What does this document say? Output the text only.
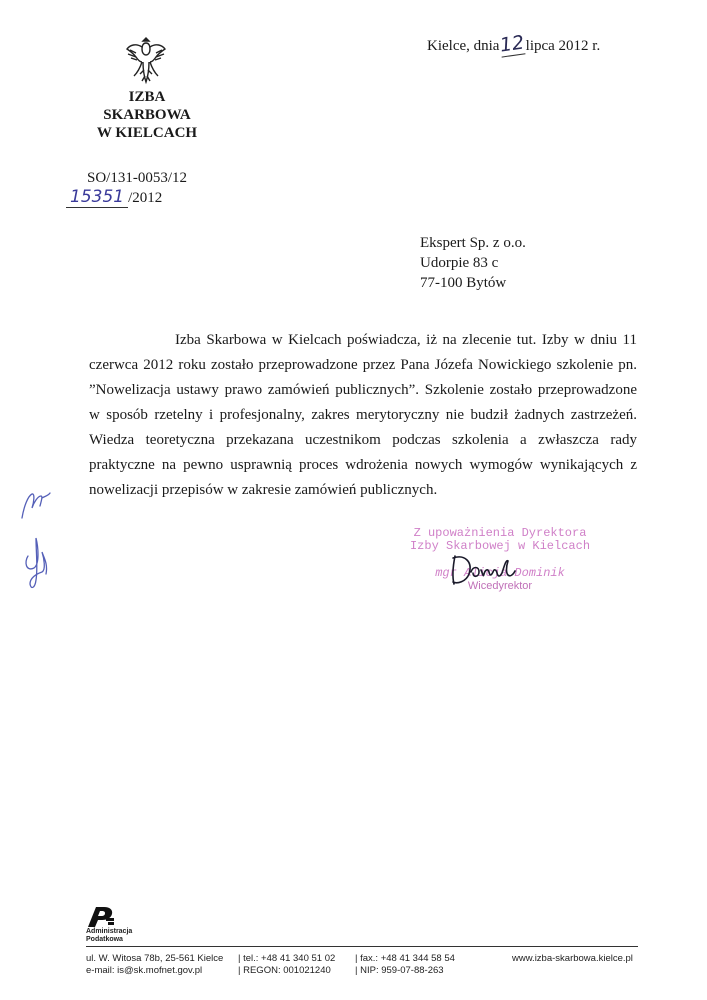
IZBA SKARBOWA
W KIELCACH
Kielce, dnia12lipca 2012 r.
SO/131-0053/12
15351 /2012
Ekspert Sp. z o.o.
Udorpie 83 c
77-100 Bytów

Izba Skarbowa w Kielcach poświadcza, iż na zlecenie tut. Izby w dniu 11 czerwca 2012 roku zostało przeprowadzone przez Pana Józefa Nowickiego szkolenie pn. ”Nowelizacja ustawy prawo zamówień publicznych”. Szkolenie zostało przeprowadzone w sposób rzetelny i profesjonalny, zakres merytoryczny nie budził żadnych zastrzeżeń. Wiedza teoretyczna przekazana uczestnikom podczas szkolenia a zwłaszcza rady praktyczne na pewno usprawnią proces wdrożenia nowych wymogów wynikających z nowelizacji przepisów w zakresie zamówień publicznych.

Z upoważnienia Dyrektora
Izby Skarbowej w Kielcach
mgr Alicja Dominik
Wicedyrektor
Administracja
Podatkowa
ul. W. Witosa 78b, 25-561 Kielce
e-mail: is@sk.mofnet.gov.pl
| tel.: +48 41 340 51 02
| REGON: 001021240
| fax.: +48 41 344 58 54
| NIP: 959-07-88-263
www.izba-skarbowa.kielce.pl
